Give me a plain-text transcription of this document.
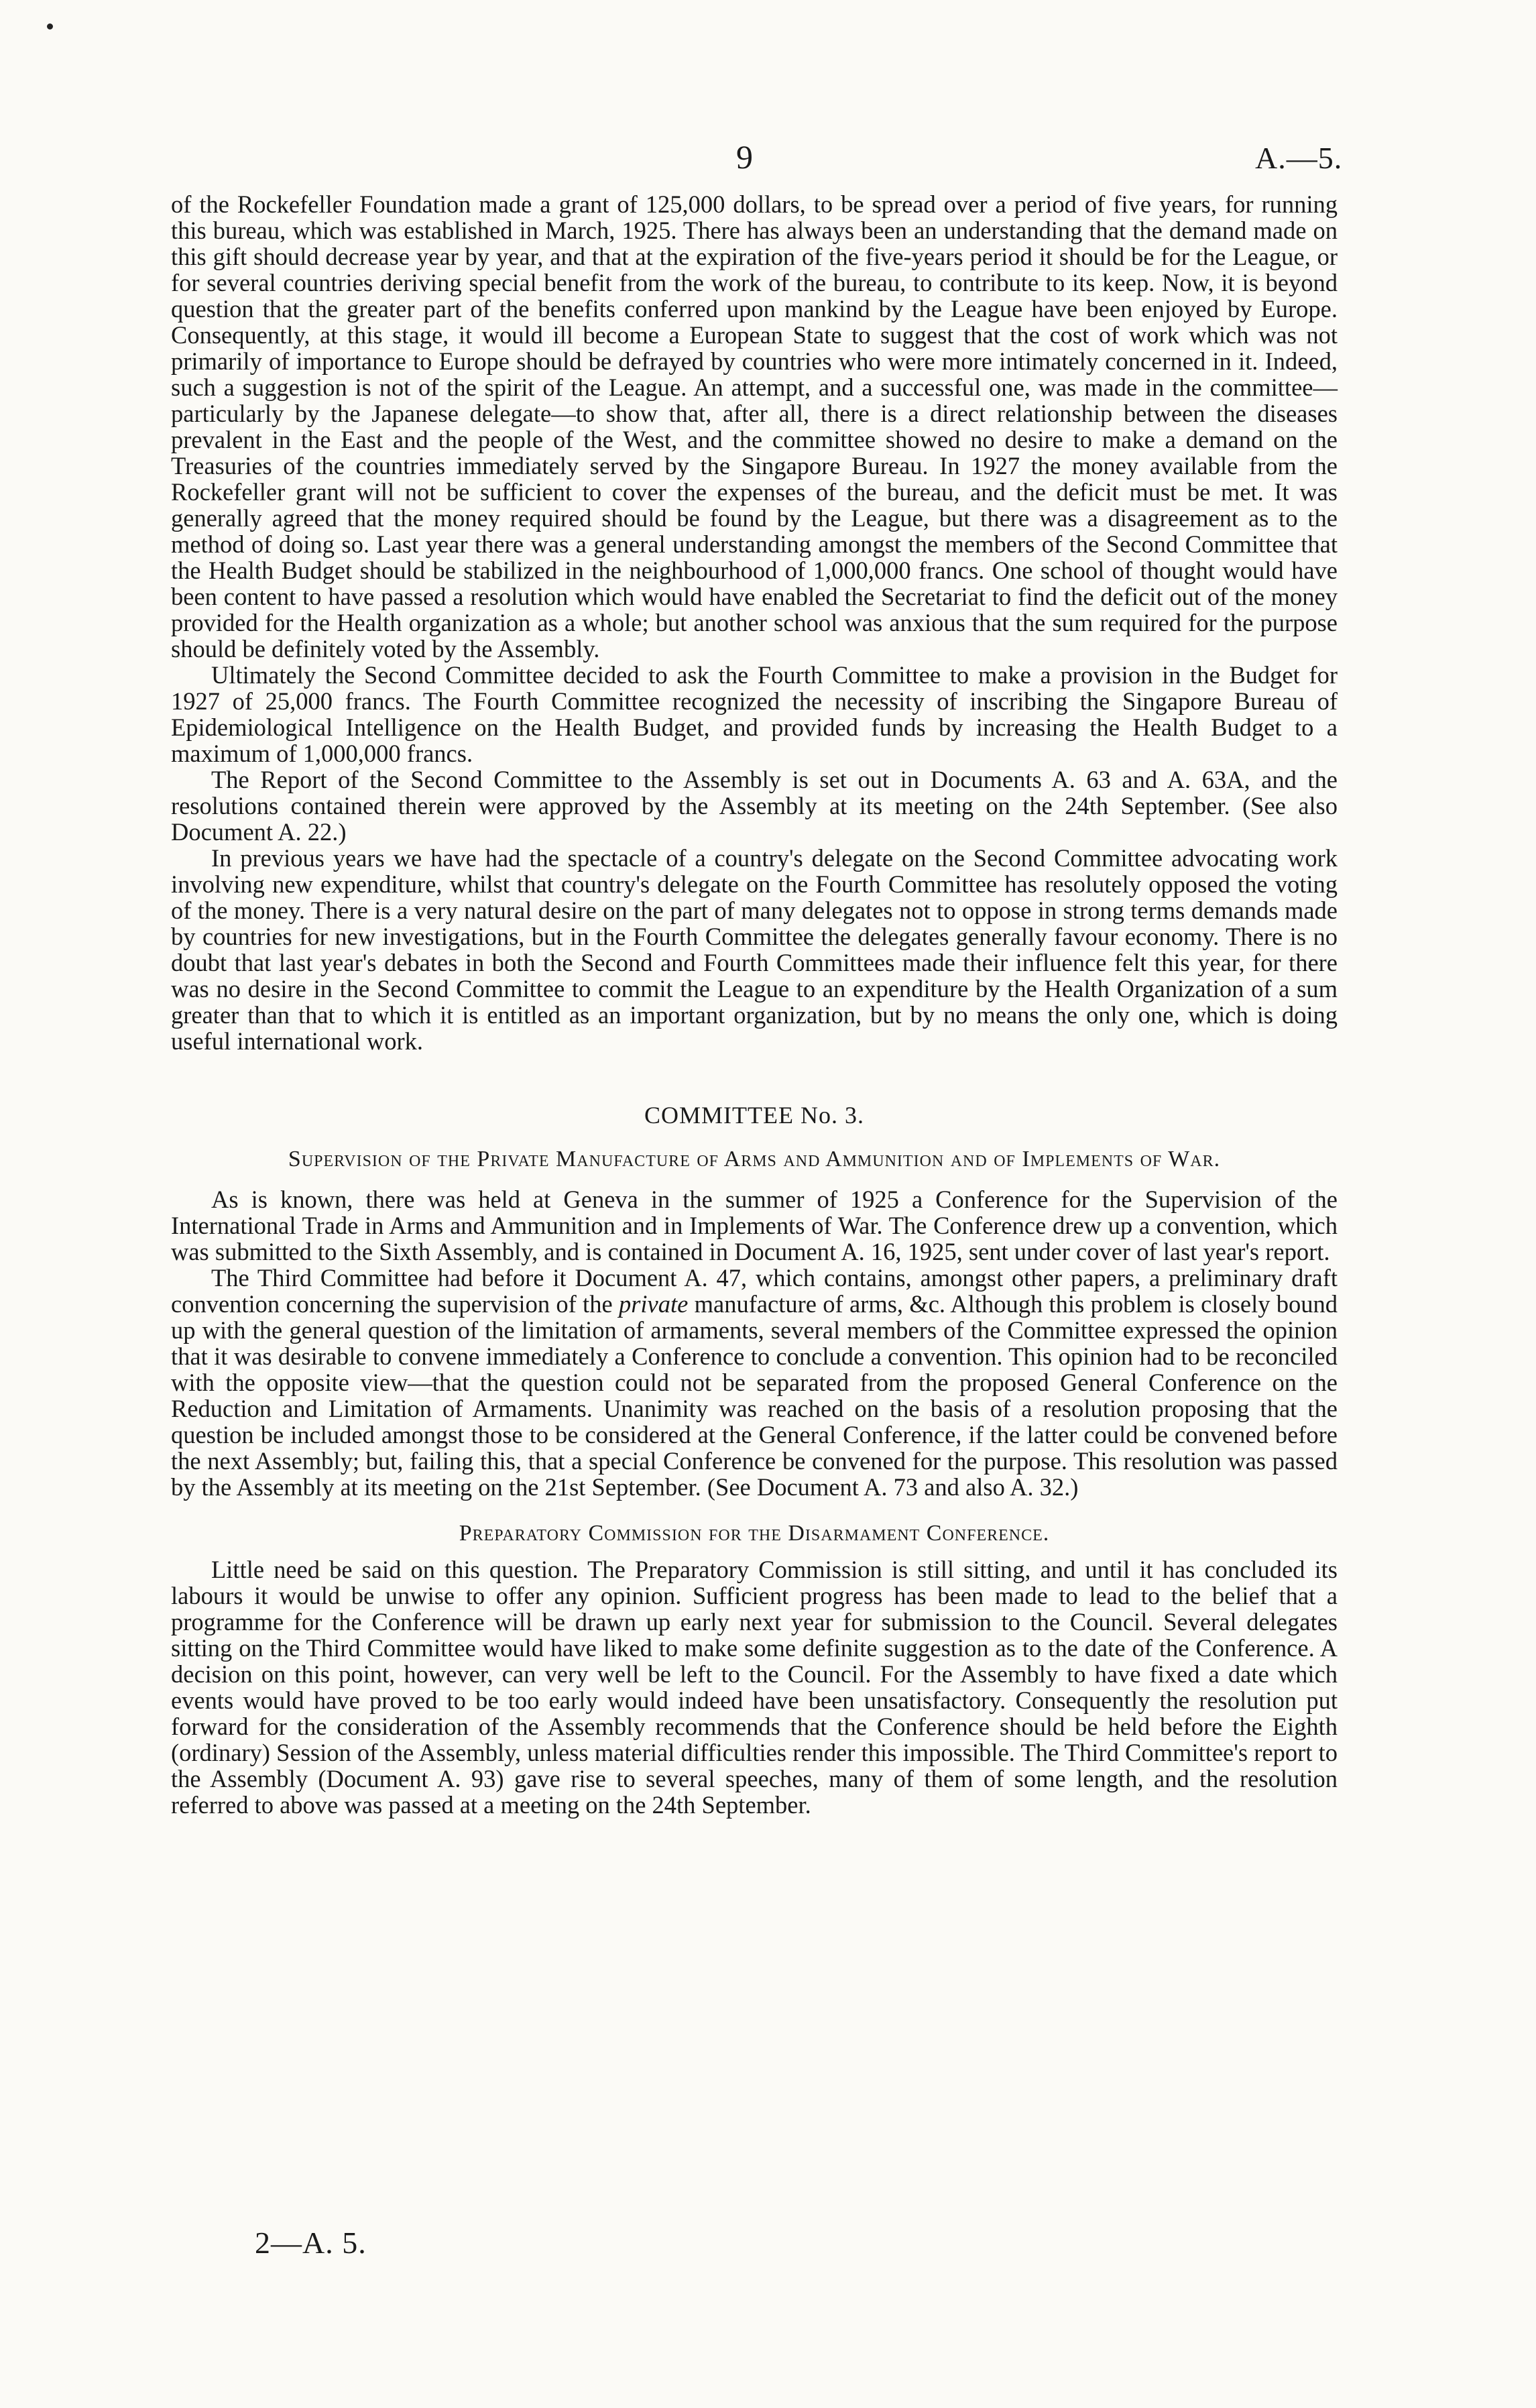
9	A.—5.

of the Rockefeller Foundation made a grant of 125,000 dollars, to be spread over a period of five years, for running this bureau, which was established in March, 1925. There has always been an understanding that the demand made on this gift should decrease year by year, and that at the expiration of the five-years period it should be for the League, or for several countries deriving special benefit from the work of the bureau, to contribute to its keep. Now, it is beyond question that the greater part of the benefits conferred upon mankind by the League have been enjoyed by Europe. Consequently, at this stage, it would ill become a European State to suggest that the cost of work which was not primarily of importance to Europe should be defrayed by countries who were more intimately concerned in it. Indeed, such a suggestion is not of the spirit of the League. An attempt, and a successful one, was made in the committee—particularly by the Japanese delegate—to show that, after all, there is a direct relationship between the diseases prevalent in the East and the people of the West, and the committee showed no desire to make a demand on the Treasuries of the countries immediately served by the Singapore Bureau. In 1927 the money available from the Rockefeller grant will not be sufficient to cover the expenses of the bureau, and the deficit must be met. It was generally agreed that the money required should be found by the League, but there was a disagreement as to the method of doing so. Last year there was a general understanding amongst the members of the Second Committee that the Health Budget should be stabilized in the neighbourhood of 1,000,000 francs. One school of thought would have been content to have passed a resolution which would have enabled the Secretariat to find the deficit out of the money provided for the Health organization as a whole; but another school was anxious that the sum required for the purpose should be definitely voted by the Assembly.

Ultimately the Second Committee decided to ask the Fourth Committee to make a provision in the Budget for 1927 of 25,000 francs. The Fourth Committee recognized the necessity of inscribing the Singapore Bureau of Epidemiological Intelligence on the Health Budget, and provided funds by increasing the Health Budget to a maximum of 1,000,000 francs.

The Report of the Second Committee to the Assembly is set out in Documents A. 63 and A. 63A, and the resolutions contained therein were approved by the Assembly at its meeting on the 24th September. (See also Document A. 22.)

In previous years we have had the spectacle of a country's delegate on the Second Committee advocating work involving new expenditure, whilst that country's delegate on the Fourth Committee has resolutely opposed the voting of the money. There is a very natural desire on the part of many delegates not to oppose in strong terms demands made by countries for new investigations, but in the Fourth Committee the delegates generally favour economy. There is no doubt that last year's debates in both the Second and Fourth Committees made their influence felt this year, for there was no desire in the Second Committee to commit the League to an expenditure by the Health Organization of a sum greater than that to which it is entitled as an important organization, but by no means the only one, which is doing useful international work.

COMMITTEE No. 3.
Supervision of the Private Manufacture of Arms and Ammunition and of Implements of War.

As is known, there was held at Geneva in the summer of 1925 a Conference for the Supervision of the International Trade in Arms and Ammunition and in Implements of War. The Conference drew up a convention, which was submitted to the Sixth Assembly, and is contained in Document A. 16, 1925, sent under cover of last year's report.

The Third Committee had before it Document A. 47, which contains, amongst other papers, a preliminary draft convention concerning the supervision of the private manufacture of arms, &c. Although this problem is closely bound up with the general question of the limitation of armaments, several members of the Committee expressed the opinion that it was desirable to convene immediately a Conference to conclude a convention. This opinion had to be reconciled with the opposite view—that the question could not be separated from the proposed General Conference on the Reduction and Limitation of Armaments. Unanimity was reached on the basis of a resolution proposing that the question be included amongst those to be considered at the General Conference, if the latter could be convened before the next Assembly; but, failing this, that a special Conference be convened for the purpose. This resolution was passed by the Assembly at its meeting on the 21st September. (See Document A. 73 and also A. 32.)

Preparatory Commission for the Disarmament Conference.

Little need be said on this question. The Preparatory Commission is still sitting, and until it has concluded its labours it would be unwise to offer any opinion. Sufficient progress has been made to lead to the belief that a programme for the Conference will be drawn up early next year for submission to the Council. Several delegates sitting on the Third Committee would have liked to make some definite suggestion as to the date of the Conference. A decision on this point, however, can very well be left to the Council. For the Assembly to have fixed a date which events would have proved to be too early would indeed have been unsatisfactory. Consequently the resolution put forward for the consideration of the Assembly recommends that the Conference should be held before the Eighth (ordinary) Session of the Assembly, unless material difficulties render this impossible. The Third Committee's report to the Assembly (Document A. 93) gave rise to several speeches, many of them of some length, and the resolution referred to above was passed at a meeting on the 24th September.

2—A. 5.
